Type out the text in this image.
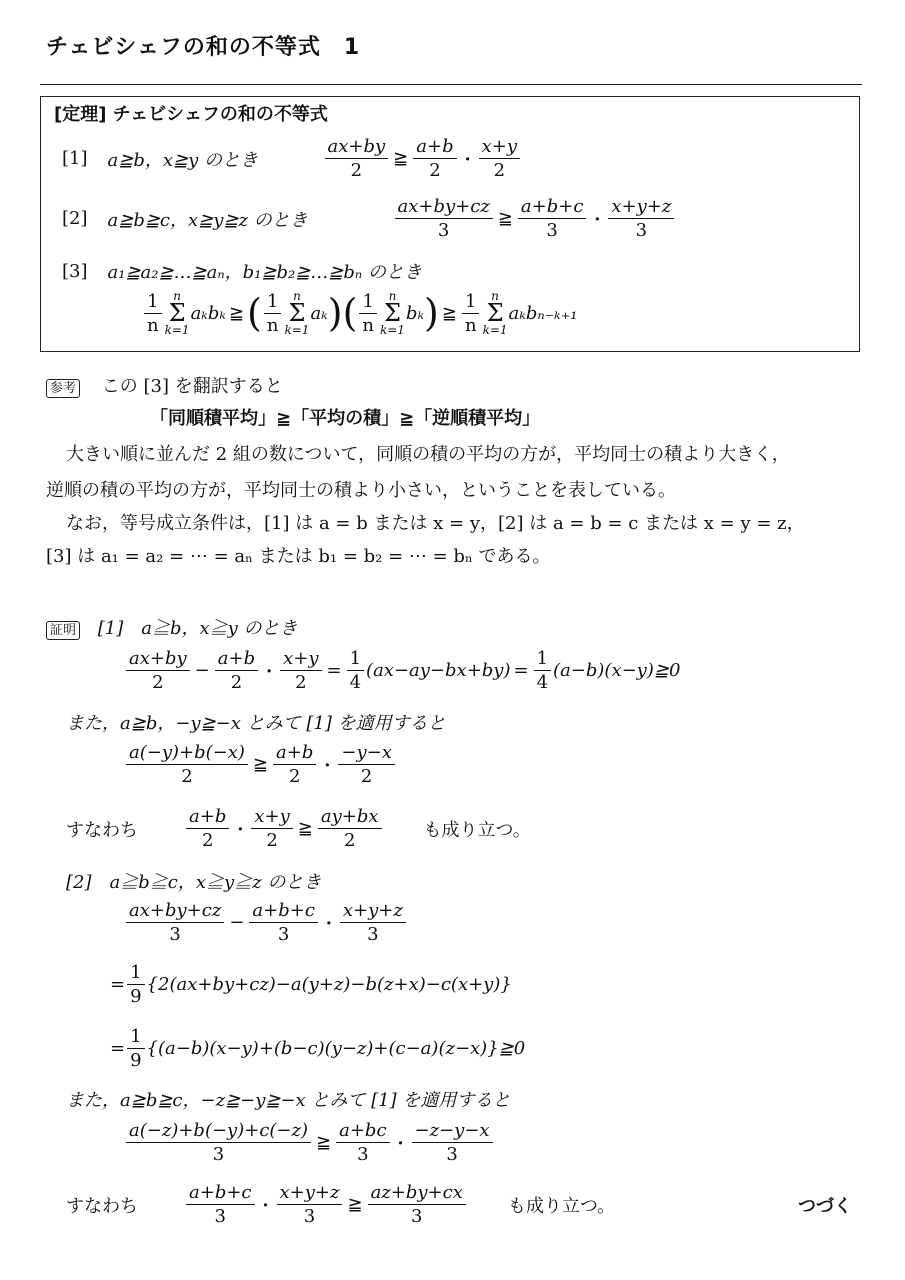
チェビシェフの和の不等式　1
[定理] チェビシェフの和の不等式
[1] a≧b，x≧y のとき	$\frac{ax+by}{2}$ ≧ $\frac{a+b}{2}$ ・ $\frac{x+y}{2}$
[2] a≧b≧c，x≧y≧z のとき	$\frac{ax+by+cz}{3}$ ≧ $\frac{a+b+c}{3}$ ・ $\frac{x+y+z}{3}$
[3] a₁≧a₂≧…≧aₙ，b₁≧b₂≧…≧bₙ のとき
$\frac{1}{n}$ n
Σ
k=1
aₖbₖ ≧ ( $\frac{1}{n}$ n
Σ
k=1
aₖ ) ( $\frac{1}{n}$ n
Σ
k=1
bₖ ) ≧ $\frac{1}{n}$ n
Σ
k=1
aₖbₙ₋ₖ₊₁
参考 この [3] を翻訳すると
「同順積平均」≧「平均の積」≧「逆順積平均」
大きい順に並んだ 2 組の数について，同順の積の平均の方が，平均同士の積より大きく，
逆順の積の平均の方が，平均同士の積より小さい，ということを表している。
なお，等号成立条件は，[1] は a = b または x = y，[2] は a = b = c または x = y = z，
[3] は a₁ = a₂ = ⋯ = aₙ または b₁ = b₂ = ⋯ = bₙ である。
証明 [1]　a≧b，x≧y のとき
$\frac{ax+by}{2} - \frac{a+b}{2}$ ・ $\frac{x+y}{2} = \frac{1}{4} (ax-ay-bx+by) = \frac{1}{4}$ (a−b)(x−y)≧0
また，a≧b，−y≧−x とみて [1] を適用すると
$\frac{a(-y)+b(-x)}{2}$ ≧ $\frac{a+b}{2}$ ・ $\frac{-y-x}{2}$
すなわち	$\frac{a+b}{2}$ ・ $\frac{x+y}{2}$ ≧ $\frac{ay+bx}{2}$ も成り立つ。
[2]　a≧b≧c，x≧y≧z のとき
$\frac{ax+by+cz}{3} - \frac{a+b+c}{3}$ ・ $\frac{x+y+z}{3}$
= $\frac{1}{9} \{2(ax+by+cz)-a(y+z)-b(z+x)-c(x+y)\}$
= $\frac{1}{9}$ {(a−b)(x−y)+(b−c)(y−z)+(c−a)(z−x)}≧0
また，a≧b≧c，−z≧−y≧−x とみて [1] を適用すると
$\frac{a(-z)+b(-y)+c(-z)}{3}$ ≧ $\frac{a+bc}{3}$ ・ $\frac{-z-y-x}{3}$
すなわち	$\frac{a+b+c}{3}$ ・ $\frac{x+y+z}{3}$ ≧ $\frac{az+by+cx}{3}$ も成り立つ。	つづく
